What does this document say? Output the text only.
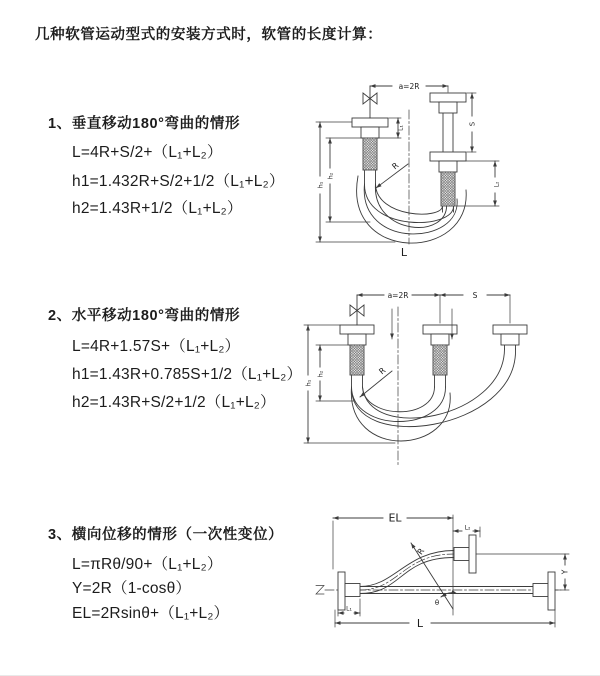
几种软管运动型式的安装方式时，软管的长度计算：
1、垂直移动180°弯曲的情形
L=4R+S/2+（L₁+L₂）
h1=1.432R+S/2+1/2（L₁+L₂）
h2=1.43R+1/2（L₁+L₂）
2、水平移动180°弯曲的情形
L=4R+1.57S+（L₁+L₂）
h1=1.43R+0.785S+1/2（L₁+L₂）
h2=1.43R+S/2+1/2（L₁+L₂）
3、横向位移的情形（一次性变位）
L=πRθ/90+（L₁+L₂）
Y=2R（1-cosθ）
EL=2Rsinθ+（L₁+L₂）
a=2R
L₁
S
L₂
h₁
h₂
R
L
a=2R	S
h₁
h₂	R
θ
R
EL
L₂
Y
L
L₁
